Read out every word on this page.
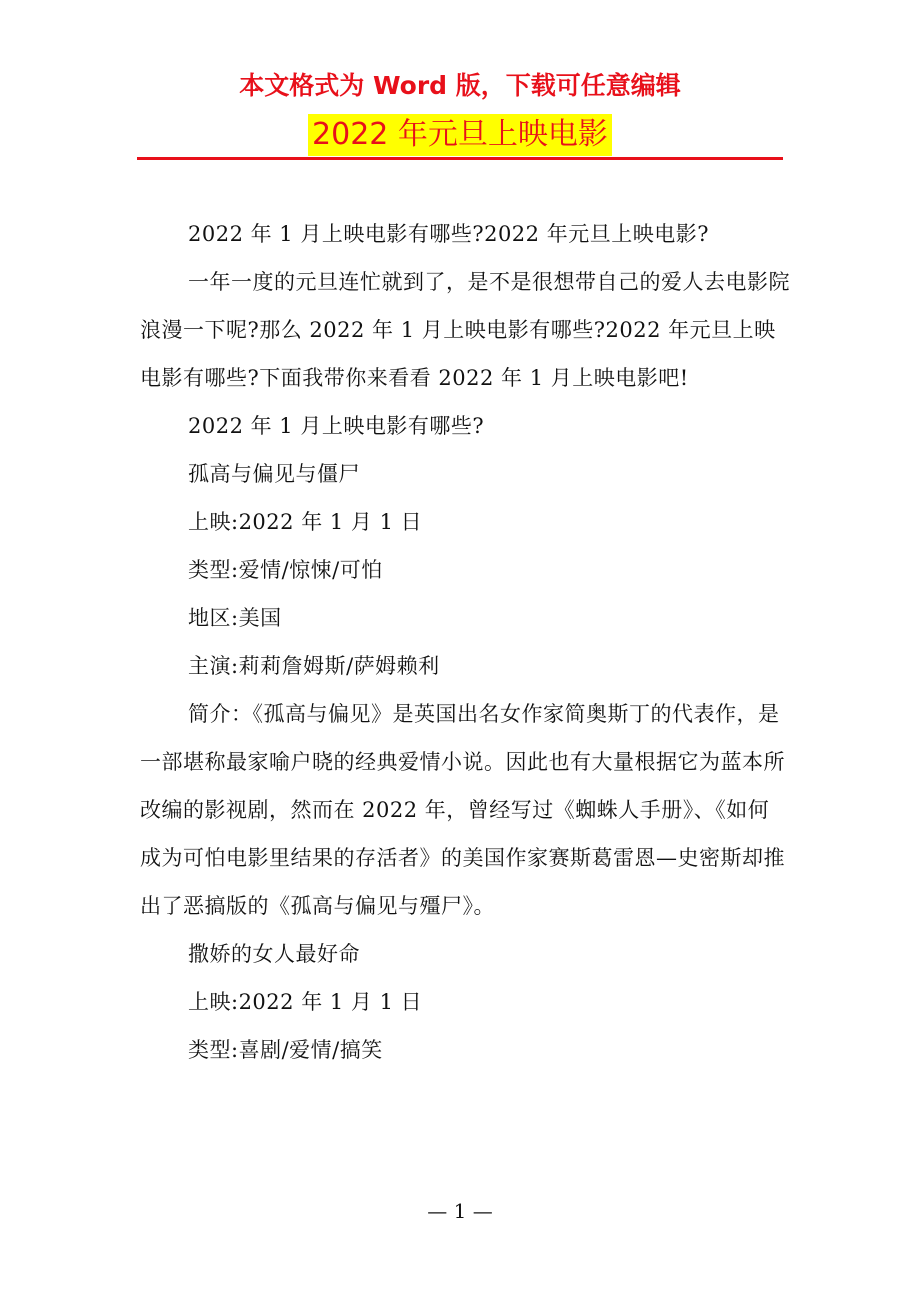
本文格式为 Word 版，下载可任意编辑
2022 年元旦上映电影

2022 年 1 月上映电影有哪些?2022 年元旦上映电影?

一年一度的元旦连忙就到了，是不是很想带自己的爱人去电影院浪漫一下呢?那么 2022 年 1 月上映电影有哪些?2022 年元旦上映电影有哪些?下面我带你来看看 2022 年 1 月上映电影吧!

2022 年 1 月上映电影有哪些?

孤高与偏见与僵尸

上映:2022 年 1 月 1 日

类型:爱情/惊悚/可怕

地区:美国

主演:莉莉詹姆斯/萨姆赖利

简介：《孤高与偏见》是英国出名女作家简奥斯丁的代表作，是一部堪称最家喻户晓的经典爱情小说。因此也有大量根据它为蓝本所改编的影视剧，然而在 2022 年，曾经写过《蜘蛛人手册》、《如何成为可怕电影里结果的存活者》的美国作家赛斯葛雷恩—史密斯却推出了恶搞版的《孤高与偏见与殭尸》。

撒娇的女人最好命

上映:2022 年 1 月 1 日

类型:喜剧/爱情/搞笑

— 1 —
